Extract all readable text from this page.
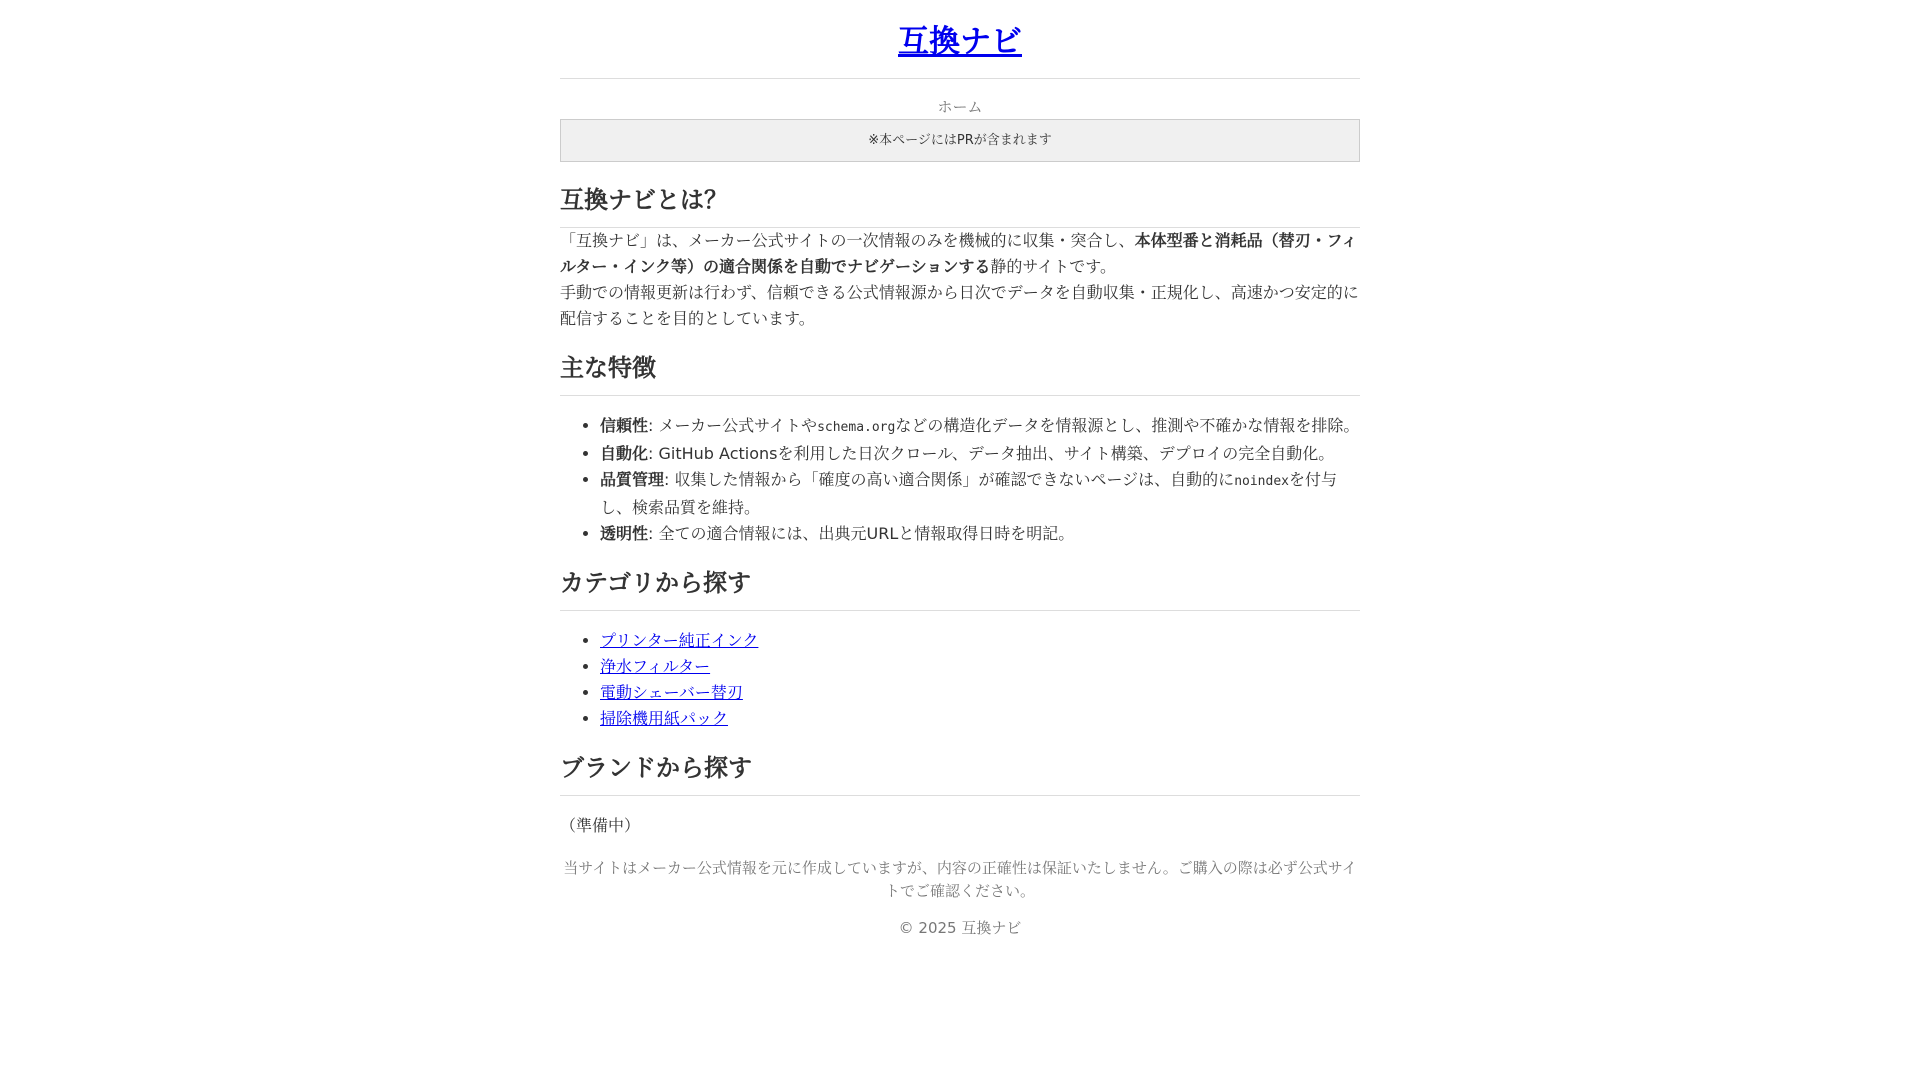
互換ナビ
ホーム
※本ページにはPRが含まれます
互換ナビとは？

「互換ナビ」は、メーカー公式サイトの一次情報のみを機械的に収集・突合し、本体型番と消耗品（替刃・フィルター・インク等）の適合関係を自動でナビゲーションする静的サイトです。

手動での情報更新は行わず、信頼できる公式情報源から日次でデータを自動収集・正規化し、高速かつ安定的に配信することを目的としています。

主な特徴
• 信頼性: メーカー公式サイトやschema.orgなどの構造化データを情報源とし、推測や不確かな情報を排除。
• 自動化: GitHub Actionsを利用した日次クロール、データ抽出、サイト構築、デプロイの完全自動化。
• 品質管理: 収集した情報から「確度の高い適合関係」が確認できないページは、自動的にnoindexを付与し、検索品質を維持。
• 透明性: 全ての適合情報には、出典元URLと情報取得日時を明記。
カテゴリから探す
• プリンター純正インク
• 浄水フィルター
• 電動シェーバー替刃
• 掃除機用紙パック
ブランドから探す
（準備中）
当サイトはメーカー公式情報を元に作成していますが、内容の正確性は保証いたしません。ご購入の際は必ず公式サイトでご確認ください。
© 2025 互換ナビ
